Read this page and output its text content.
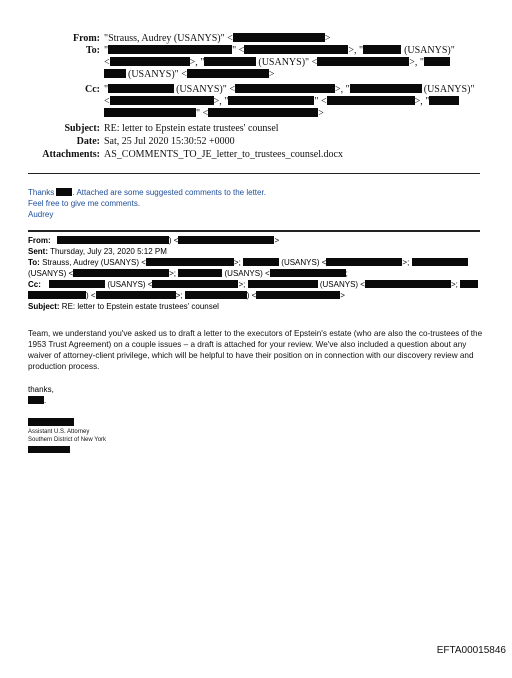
From: "Strauss, Audrey (USANYS)" <	>
To: "	" <	>, "	(USANYS)"
<	>, "	(USANYS)" <	>, "
(USANYS)" <	>
Cc: "	(USANYS)" <	>, "	(USANYS)"
<	>, "	" <	>, "
" <	>
Subject: RE: letter to Epstein estate trustees' counsel
Date: Sat, 25 Jul 2020 15:30:52 +0000
Attachments: AS_COMMENTS_TO_JE_letter_to_trustees_counsel.docx
Thanks . Attached are some suggested comments to the letter.
Feel free to give me comments.
Audrey
From:	) <	>
Sent: Thursday, July 23, 2020 5:12 PM
To: Strauss, Audrey (USANYS) <	>;	(USANYS) <	>;
(USANYS) <	>;	(USANYS) <	;
Cc:	(USANYS) <	>;	(USANYS) <	>;
) <	>;	) <	>
Subject: RE: letter to Epstein estate trustees' counsel
Team, we understand you've asked us to draft a letter to the executors of Epstein's estate (who are also the co-trustees of the 1953 Trust Agreement) on a couple issues – a draft is attached for your review. We've also included a question about any waiver of attorney-client privilege, which will be helpful to have their position on in connection with our discovery review and production process.
thanks,
.
Assistant U.S. Attorney
Southern District of New York
EFTA00015846
